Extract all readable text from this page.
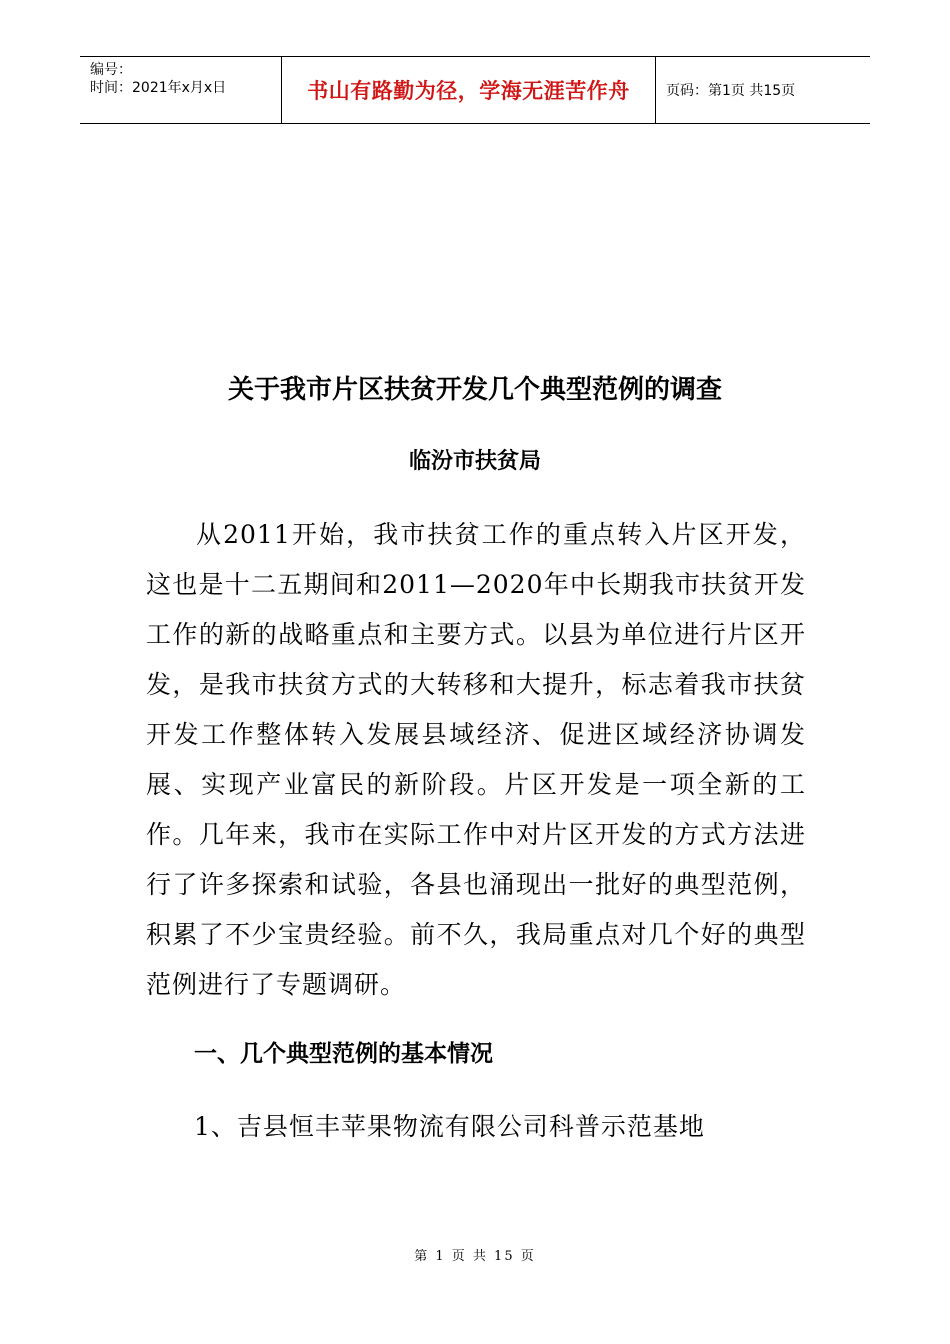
编号：
时间：2021年x月x日	书山有路勤为径，学海无涯苦作舟	页码：第1页 共15页
关于我市片区扶贫开发几个典型范例的调查
临汾市扶贫局

从2011开始，我市扶贫工作的重点转入片区开发，这也是十二五期间和2011—2020年中长期我市扶贫开发工作的新的战略重点和主要方式。以县为单位进行片区开发，是我市扶贫方式的大转移和大提升，标志着我市扶贫开发工作整体转入发展县域经济、促进区域经济协调发展、实现产业富民的新阶段。片区开发是一项全新的工作。几年来，我市在实际工作中对片区开发的方式方法进行了许多探索和试验，各县也涌现出一批好的典型范例，积累了不少宝贵经验。前不久，我局重点对几个好的典型范例进行了专题调研。

一、几个典型范例的基本情况
1、吉县恒丰苹果物流有限公司科普示范基地
第 1 页 共 15 页
